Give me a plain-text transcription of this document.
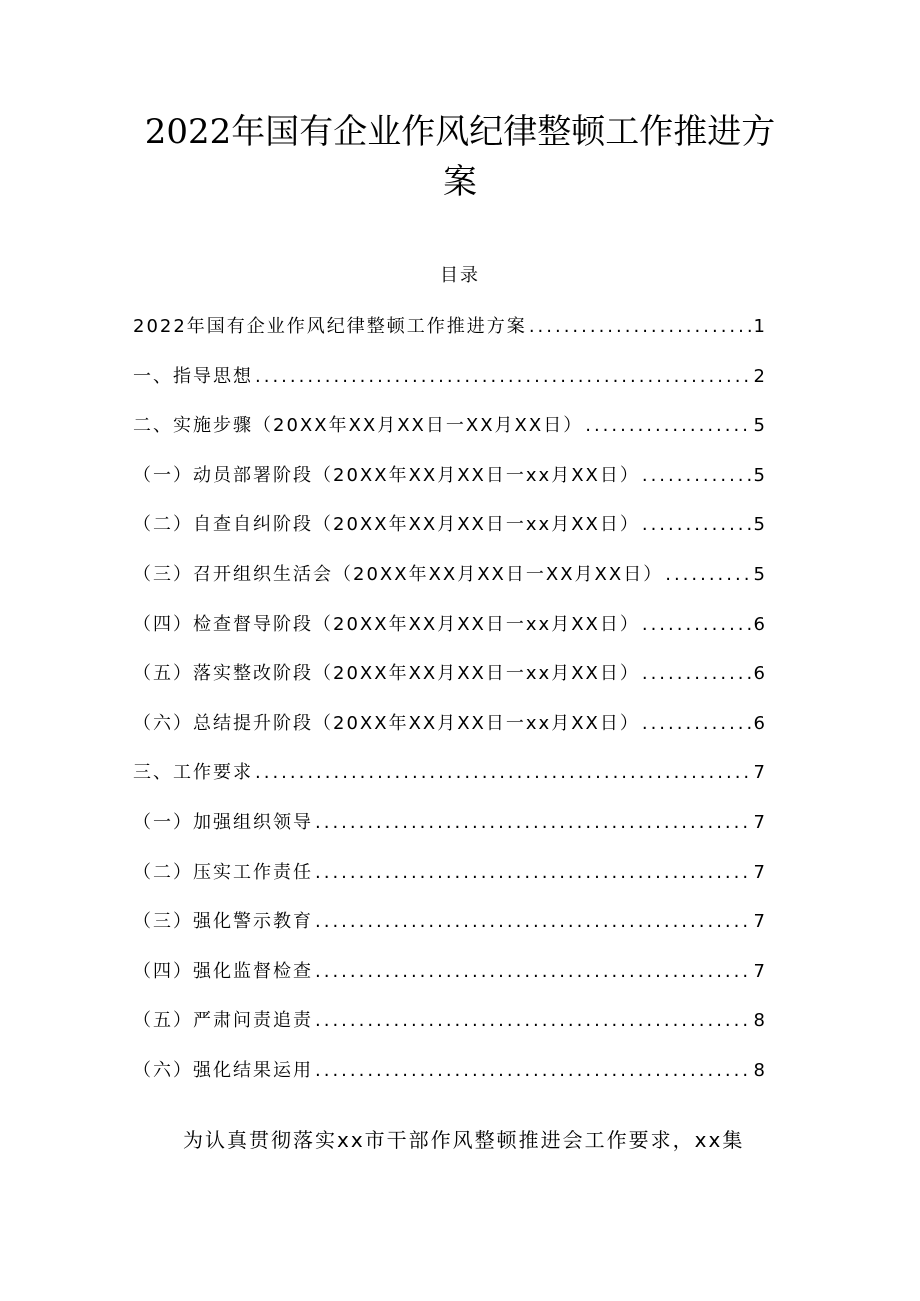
2022年国有企业作风纪律整顿工作推进方
案
目录
2022年国有企业作风纪律整顿工作推进方案 .....	1
一、指导思想 .....	2
二、实施步骤（20XX年XX月XX日一XX月XX日） .....	5
（一）动员部署阶段（20XX年XX月XX日一xx月XX日） .....	5
（二）自查自纠阶段（20XX年XX月XX日一xx月XX日） .....	5
（三）召开组织生活会（20XX年XX月XX日一XX月XX日） .....	5
（四）检查督导阶段（20XX年XX月XX日一xx月XX日） .....	6
（五）落实整改阶段（20XX年XX月XX日一xx月XX日） .....	6
（六）总结提升阶段（20XX年XX月XX日一xx月XX日） .....	6
三、工作要求 .....	7
（一）加强组织领导 .....	7
（二）压实工作责任 .....	7
（三）强化警示教育 .....	7
（四）强化监督检查 .....	7
（五）严肃问责追责 .....	8
（六）强化结果运用 .....	8

为认真贯彻落实xx市干部作风整顿推进会工作要求，xx集
